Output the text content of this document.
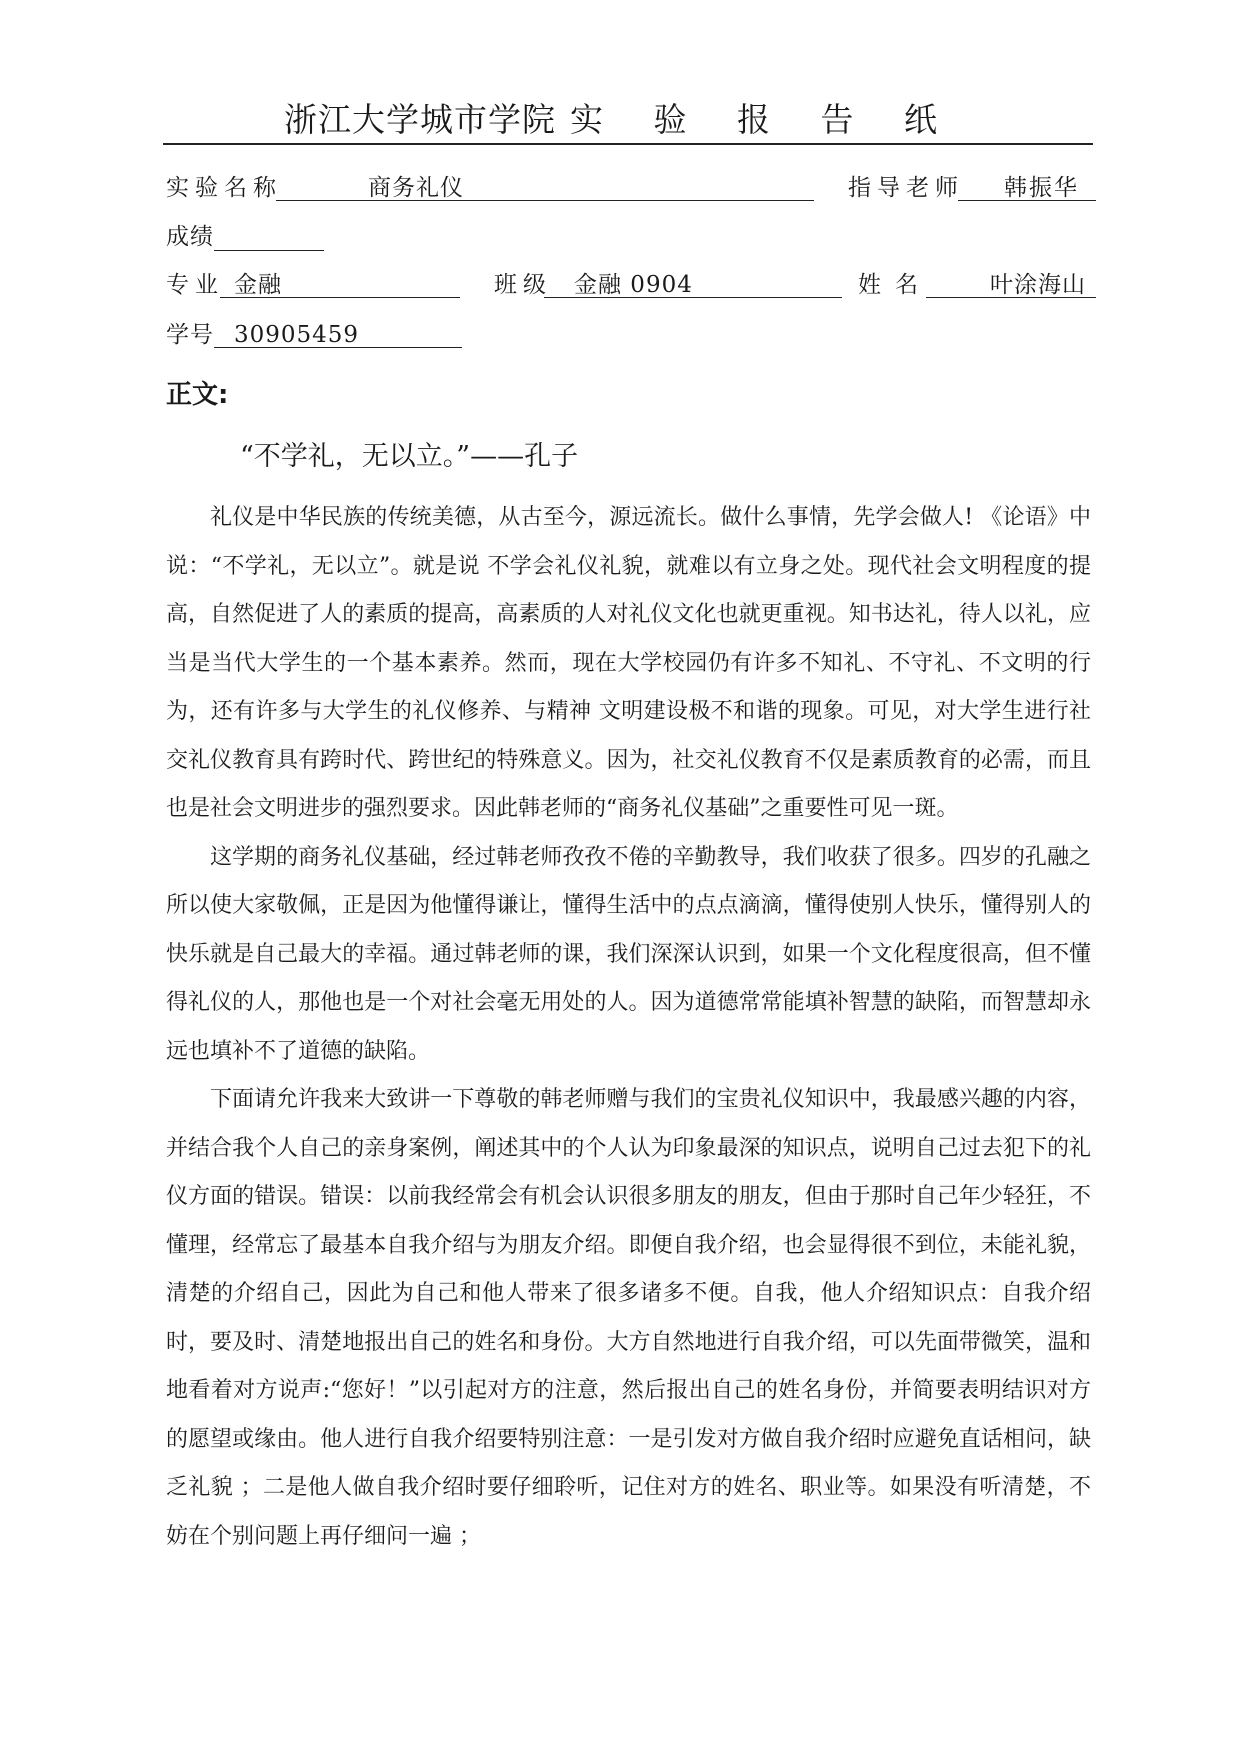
浙江大学城市学院 实 验 报 告 纸
实验名称	商务礼仪	指导老师	韩振华
成绩
专业 金融	班级 金融 0904	姓名	叶涂海山
学号 30905459
正文:
“不学礼，无以立。”——孔子

礼仪是中华民族的传统美德，从古至今，源远流长。做什么事情，先学会做人! 《论语》中说：“不学礼，无以立”。就是说 不学会礼仪礼貌，就难以有立身之处。现代社会文明程度的提高，自然促进了人的素质的提高，高素质的人对礼仪文化也就更重视。知书达礼，待人以礼，应当是当代大学生的一个基本素养。然而，现在大学校园仍有许多不知礼、不守礼、不文明的行为，还有许多与大学生的礼仪修养、与精神 文明建设极不和谐的现象。可见，对大学生进行社交礼仪教育具有跨时代、跨世纪的特殊意义。因为，社交礼仪教育不仅是素质教育的必需，而且也是社会文明进步的强烈要求。因此韩老师的“商务礼仪基础”之重要性可见一斑。

这学期的商务礼仪基础，经过韩老师孜孜不倦的辛勤教导，我们收获了很多。四岁的孔融之所以使大家敬佩，正是因为他懂得谦让，懂得生活中的点点滴滴，懂得使别人快乐，懂得别人的快乐就是自己最大的幸福。通过韩老师的课，我们深深认识到，如果一个文化程度很高，但不懂得礼仪的人，那他也是一个对社会毫无用处的人。因为道德常常能填补智慧的缺陷，而智慧却永远也填补不了道德的缺陷。

下面请允许我来大致讲一下尊敬的韩老师赠与我们的宝贵礼仪知识中，我最感兴趣的内容，并结合我个人自己的亲身案例，阐述其中的个人认为印象最深的知识点，说明自己过去犯下的礼仪方面的错误。错误：以前我经常会有机会认识很多朋友的朋友，但由于那时自己年少轻狂，不懂理，经常忘了最基本自我介绍与为朋友介绍。即便自我介绍，也会显得很不到位，未能礼貌，清楚的介绍自己，因此为自己和他人带来了很多诸多不便。自我，他人介绍知识点：自我介绍时，要及时、清楚地报出自己的姓名和身份。大方自然地进行自我介绍，可以先面带微笑，温和地看着对方说声:“您好！”以引起对方的注意，然后报出自己的姓名身份，并简要表明结识对方的愿望或缘由。他人进行自我介绍要特别注意：一是引发对方做自我介绍时应避免直话相问，缺乏礼貌 ；二是他人做自我介绍时要仔细聆听，记住对方的姓名、职业等。如果没有听清楚，不妨在个别问题上再仔细问一遍 ；
